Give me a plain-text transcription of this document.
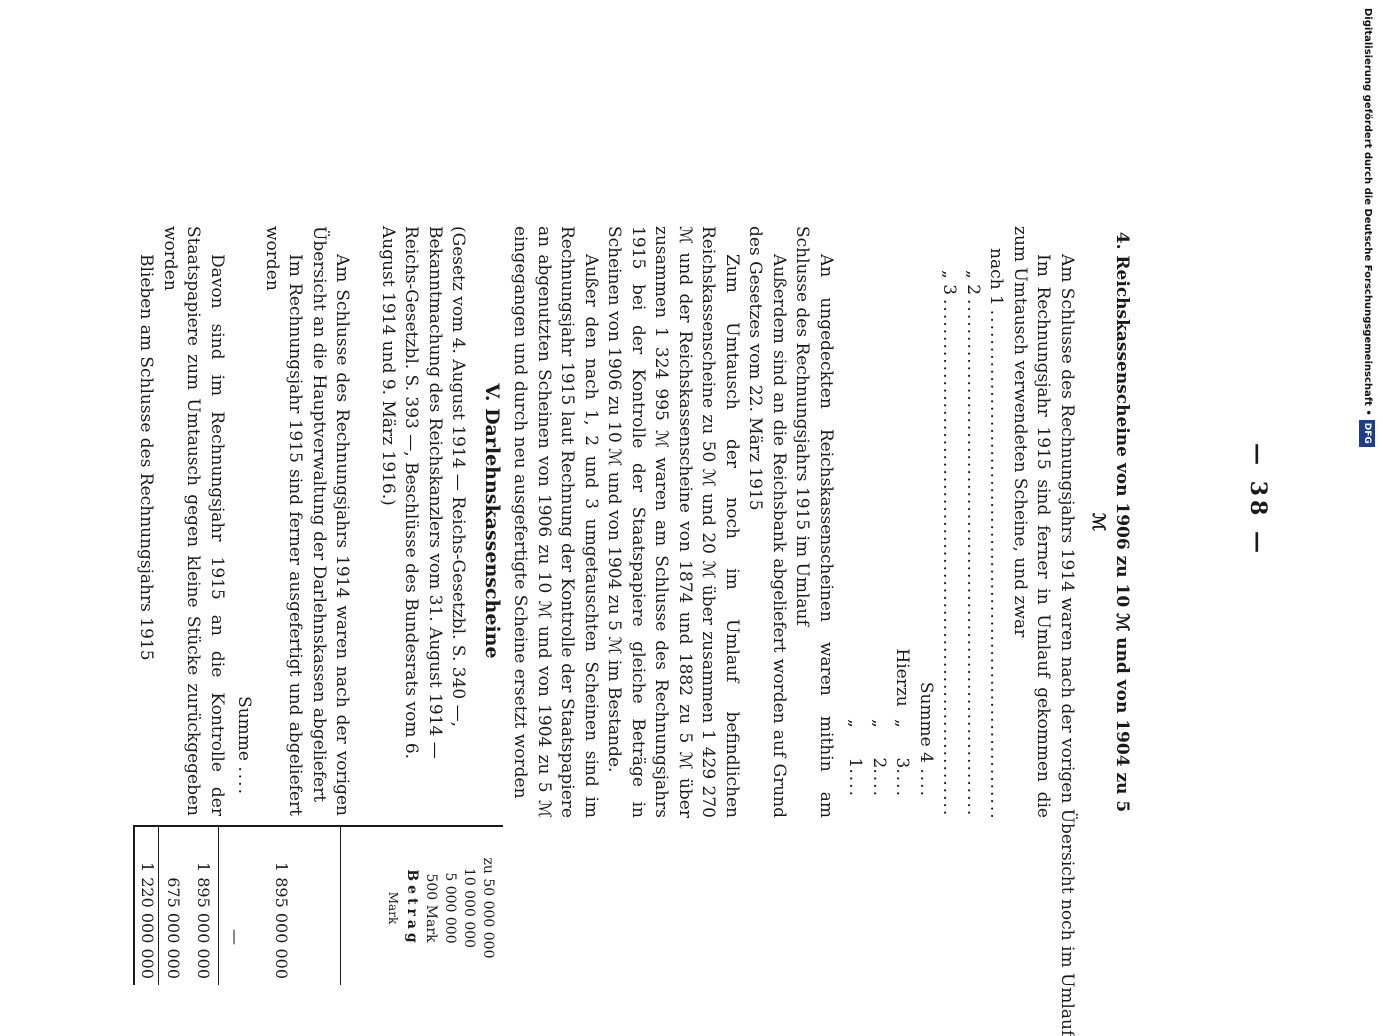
— 38 —
4. Reichskassenscheine von 1906 zu 10 ℳ und von 1904 zu 5 ℳ
Am Schlusse des Rechnungsjahrs 1914 waren nach der vorigen Übersicht noch im Umlauf

Im Rechnungsjahr 1915 sind ferner in Umlauf gekommen die zum Umtausch verwendeten Scheine, und zwar

nach 1
.....
„ 2
.....
„ 3
.....
Summe 4 ....
Hierzu
„
3
....
„
2
....
„
1
....

An ungedeckten Reichskassenscheinen waren mithin am Schlusse des Rechnungsjahrs 1915 im Umlauf

Außerdem sind an die Reichsbank abgeliefert worden auf Grund des Gesetzes vom 22. März 1915

Zum Umtausch der noch im Umlauf befindlichen Reichskassenscheine zu 50 ℳ und 20 ℳ über zusammen 1 429 270 ℳ und der Reichskassenscheine von 1874 und 1882 zu 5 ℳ über zusammen 1 324 995 ℳ waren am Schlusse des Rechnungsjahrs 1915 bei der Kontrolle der Staatspapiere gleiche Beträge in Scheinen von 1906 zu 10 ℳ und von 1904 zu 5 ℳ im Bestande.

Außer den nach 1, 2 und 3 umgetauschten Scheinen sind im Rechnungsjahr 1915 laut Rechnung der Kontrolle der Staatspapiere an abgenutzten Scheinen von 1906 zu 10 ℳ und von 1904 zu 5 ℳ eingegangen und durch neu ausgefertigte Scheine ersetzt worden

V. Darlehnskassenscheine

(Gesetz vom 4. August 1914 — Reichs-Gesetzbl. S. 340 —, Bekanntmachung des Reichskanzlers vom 31. August 1914 — Reichs-Gesetzbl. S. 393 —, Beschlüsse des Bundesrats vom 6. August 1914 und 9. März 1916.)

Am Schlusse des Rechnungsjahrs 1914 waren nach der vorigen Übersicht an die Hauptverwaltung der Darlehnskassen abgeliefert

Im Rechnungsjahr 1915 sind ferner ausgefertigt und abgeliefert worden

Summe ....

Davon sind im Rechnungsjahr 1915 an die Kontrolle der Staatspapiere zum Umtausch gegen kleine Stücke zurückgegeben worden

Blieben am Schlusse des Rechnungsjahrs 1915

zu 50 000 000
10 000 000
5 000 000
500 Mark
Betrag
Mark
1 895 000 000
—
1 895 000 000
675 000 000
1 220 000 000
Digitalisierung gefördert durch die Deutsche Forschungsgemeinschaft •
DFG
